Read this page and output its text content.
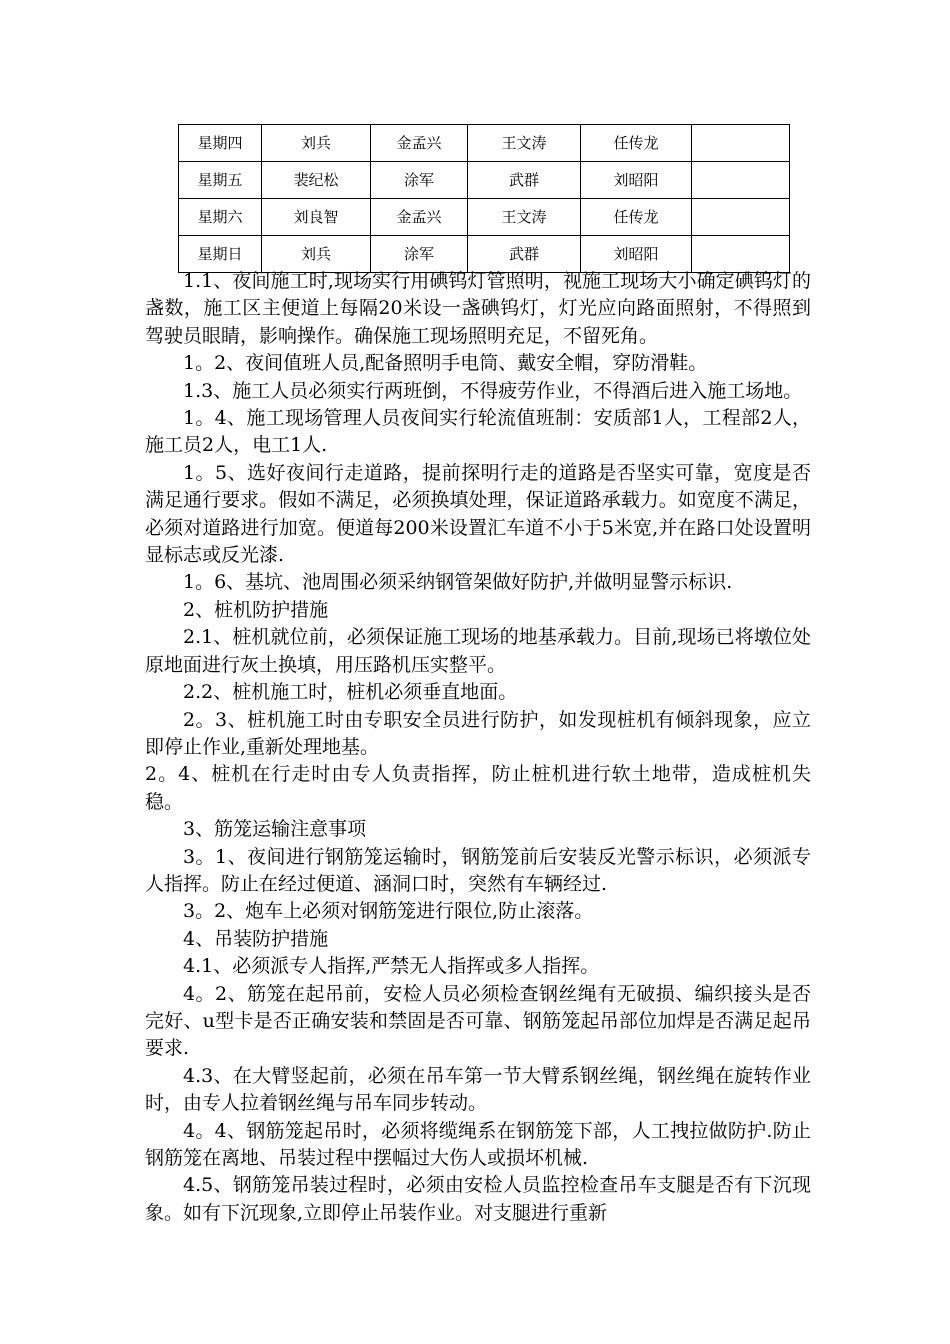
星期四	刘兵	金孟兴	王文涛	任传龙	
星期五	裴纪松	涂军	武群	刘昭阳	
星期六	刘良智	金孟兴	王文涛	任传龙	
星期日	刘兵	涂军	武群	刘昭阳	

1.1、夜间施工时,现场实行用碘钨灯管照明，视施工现场大小确定碘钨灯的盏数，施工区主便道上每隔20米设一盏碘钨灯，灯光应向路面照射，不得照到驾驶员眼睛，影响操作。确保施工现场照明充足，不留死角。

1。2、夜间值班人员,配备照明手电筒、戴安全帽，穿防滑鞋。

1.3、施工人员必须实行两班倒，不得疲劳作业，不得酒后进入施工场地。

1。4、施工现场管理人员夜间实行轮流值班制：安质部1人，工程部2人，施工员2人，电工1人.

1。5、选好夜间行走道路，提前探明行走的道路是否坚实可靠，宽度是否满足通行要求。假如不满足，必须换填处理，保证道路承载力。如宽度不满足，必须对道路进行加宽。便道每200米设置汇车道不小于5米宽,并在路口处设置明显标志或反光漆.

1。6、基坑、池周围必须采纳钢管架做好防护,并做明显警示标识.

2、桩机防护措施

2.1、桩机就位前，必须保证施工现场的地基承载力。目前,现场已将墩位处原地面进行灰土换填，用压路机压实整平。

2.2、桩机施工时，桩机必须垂直地面。

2。3、桩机施工时由专职安全员进行防护，如发现桩机有倾斜现象，应立即停止作业,重新处理地基。

2。4、桩机在行走时由专人负责指挥，防止桩机进行软土地带，造成桩机失稳。

3、筋笼运输注意事项

3。1、夜间进行钢筋笼运输时，钢筋笼前后安装反光警示标识，必须派专人指挥。防止在经过便道、涵洞口时，突然有车辆经过.

3。2、炮车上必须对钢筋笼进行限位,防止滚落。

4、吊装防护措施

4.1、必须派专人指挥,严禁无人指挥或多人指挥。

4。2、筋笼在起吊前，安检人员必须检查钢丝绳有无破损、编织接头是否完好、u型卡是否正确安装和禁固是否可靠、钢筋笼起吊部位加焊是否满足起吊要求.

4.3、在大臂竖起前，必须在吊车第一节大臂系钢丝绳，钢丝绳在旋转作业时，由专人拉着钢丝绳与吊车同步转动。

4。4、钢筋笼起吊时，必须将缆绳系在钢筋笼下部，人工拽拉做防护.防止钢筋笼在离地、吊装过程中摆幅过大伤人或损坏机械.

4.5、钢筋笼吊装过程时，必须由安检人员监控检查吊车支腿是否有下沉现象。如有下沉现象,立即停止吊装作业。对支腿进行重新
